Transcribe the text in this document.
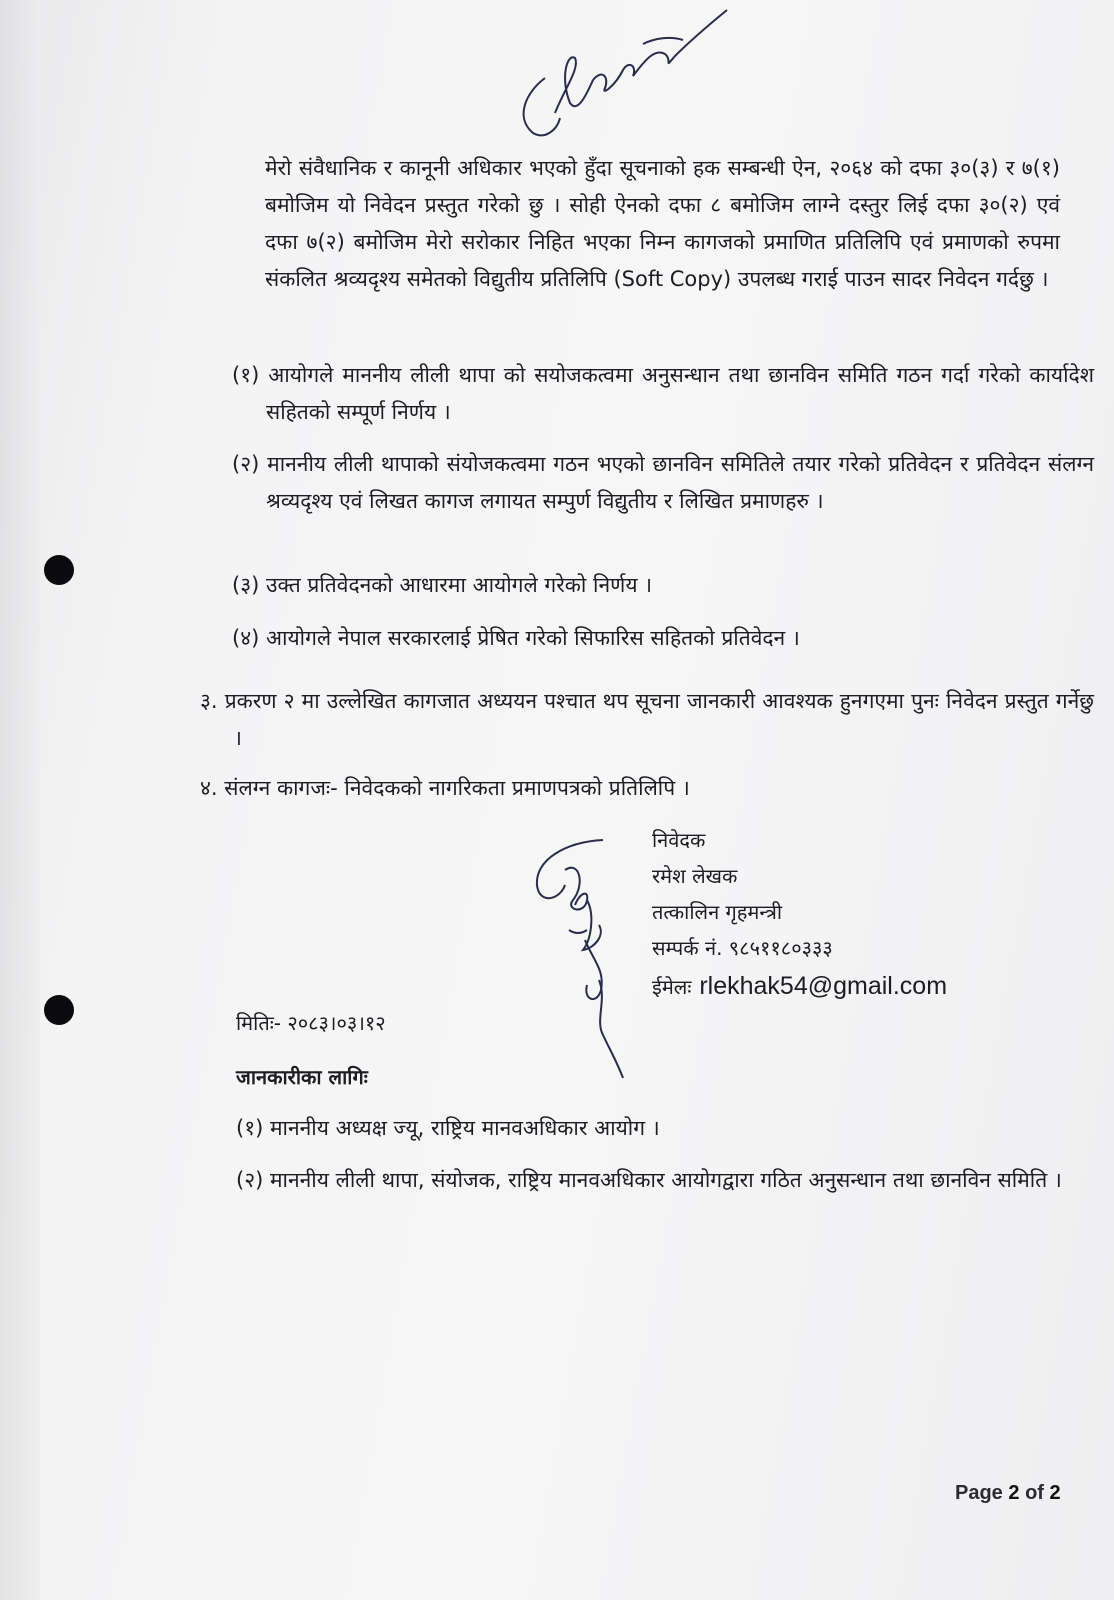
मेरो संवैधानिक र कानूनी अधिकार भएको हुँदा सूचनाको हक सम्बन्धी ऐन, २०६४ को दफा ३०(३) र ७(१) बमोजिम यो निवेदन प्रस्तुत गरेको छु । सोही ऐनको दफा ८ बमोजिम लाग्ने दस्तुर लिई दफा ३०(२) एवं दफा ७(२) बमोजिम मेरो सरोकार निहित भएका निम्न कागजको प्रमाणित प्रतिलिपि एवं प्रमाणको रुपमा संकलित श्रव्यदृश्य समेतको विद्युतीय प्रतिलिपि (Soft Copy) उपलब्ध गराई पाउन सादर निवेदन गर्दछु ।

(१) आयोगले माननीय लीली थापा को सयोजकत्वमा अनुसन्धान तथा छानविन समिति गठन गर्दा गरेको कार्यादेश सहितको सम्पूर्ण निर्णय ।
(२) माननीय लीली थापाको संयोजकत्वमा गठन भएको छानविन समितिले तयार गरेको प्रतिवेदन र प्रतिवेदन संलग्न श्रव्यदृश्य एवं लिखत कागज लगायत सम्पुर्ण विद्युतीय र लिखित प्रमाणहरु ।
(३) उक्त प्रतिवेदनको आधारमा आयोगले गरेको निर्णय ।
(४) आयोगले नेपाल सरकारलाई प्रेषित गरेको सिफारिस सहितको प्रतिवेदन ।
३. प्रकरण २ मा उल्लेखित कागजात अध्ययन पश्चात थप सूचना जानकारी आवश्यक हुनगएमा पुनः निवेदन प्रस्तुत गर्नेछु ।
४. संलग्न कागजः- निवेदकको नागरिकता प्रमाणपत्रको प्रतिलिपि ।
निवेदक
रमेश लेखक
तत्कालिन गृहमन्त्री
सम्पर्क नं. ९८५११८०३३३
ईमेलः rlekhak54@gmail.com
मितिः- २०८३।०३।१२
जानकारीका लागिः
(१) माननीय अध्यक्ष ज्यू, राष्ट्रिय मानवअधिकार आयोग ।
(२) माननीय लीली थापा, संयोजक, राष्ट्रिय मानवअधिकार आयोगद्वारा गठित अनुसन्धान तथा छानविन समिति ।
Page 2 of 2
